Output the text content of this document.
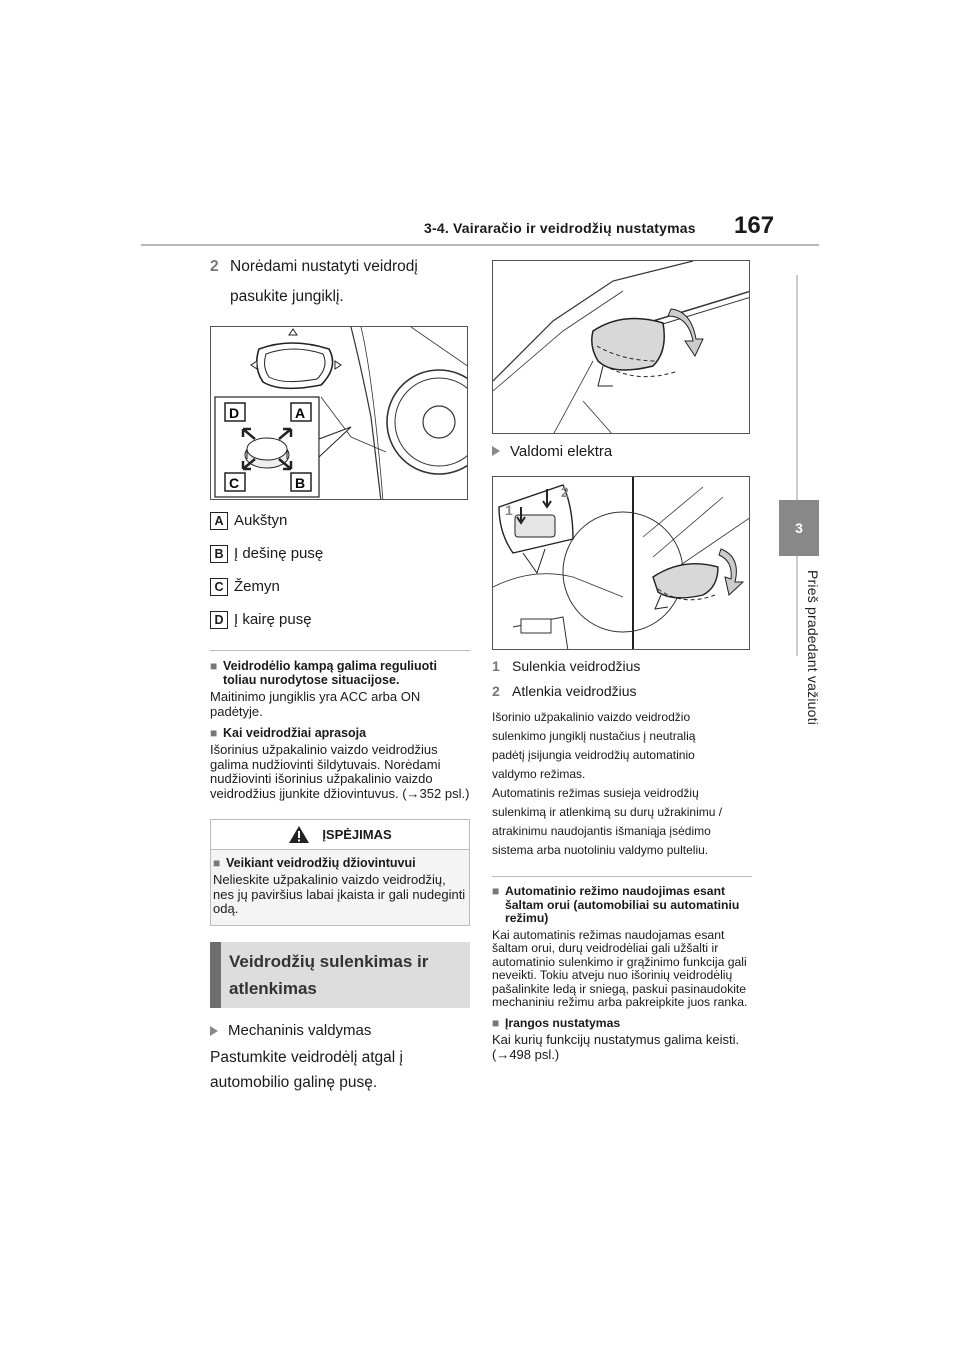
3-4. Vairaračio ir veidrodžių nustatymas 167
3
Prieš pradedant važiuoti
2 Norėdami nustatyti veidrodį
pasukite jungiklį.
D	A
C	B
A Aukštyn
B Į dešinę pusę
C Žemyn
D Į kairę pusę
■ Veidrodėlio kampą galima reguliuoti toliau nurodytose situacijose.
Maitinimo jungiklis yra ACC arba ON padėtyje.
■ Kai veidrodžiai aprasoja
Išorinius užpakalinio vaizdo veidrodžius galima nudžiovinti šildytuvais. Norėdami nudžiovinti išorinius užpakalinio vaizdo veidrodžius įjunkite džiovintuvus. (→352 psl.)
ĮSPĖJIMAS
■ Veikiant veidrodžių džiovintuvui
Nelieskite užpakalinio vaizdo veidrodžių, nes jų paviršius labai įkaista ir gali nudeginti odą.
Veidrodžių sulenkimas ir
atlenkimas
Mechaninis valdymas
Pastumkite veidrodėlį atgal į
automobilio galinę pusę.
Valdomi elektra
1
2
1 Sulenkia veidrodžius
2 Atlenkia veidrodžius
Išorinio užpakalinio vaizdo veidrodžio
sulenkimo jungiklį nustačius į neutralią
padėtį įsijungia veidrodžių automatinio
valdymo režimas.
Automatinis režimas susieja veidrodžių
sulenkimą ir atlenkimą su durų užrakinimu /
atrakinimu naudojantis išmaniąja įsėdimo
sistema arba nuotoliniu valdymo pulteliu.
■ Automatinio režimo naudojimas esant šaltam orui (automobiliai su automatiniu režimu)
Kai automatinis režimas naudojamas esant šaltam orui, durų veidrodėliai gali užšalti ir automatinio sulenkimo ir grąžinimo funkcija gali neveikti. Tokiu atveju nuo išorinių veidrodėlių pašalinkite ledą ir sniegą, paskui pasinaudokite mechaniniu režimu arba pakreipkite juos ranka.
■ Įrangos nustatymas
Kai kurių funkcijų nustatymus galima keisti. (→498 psl.)
